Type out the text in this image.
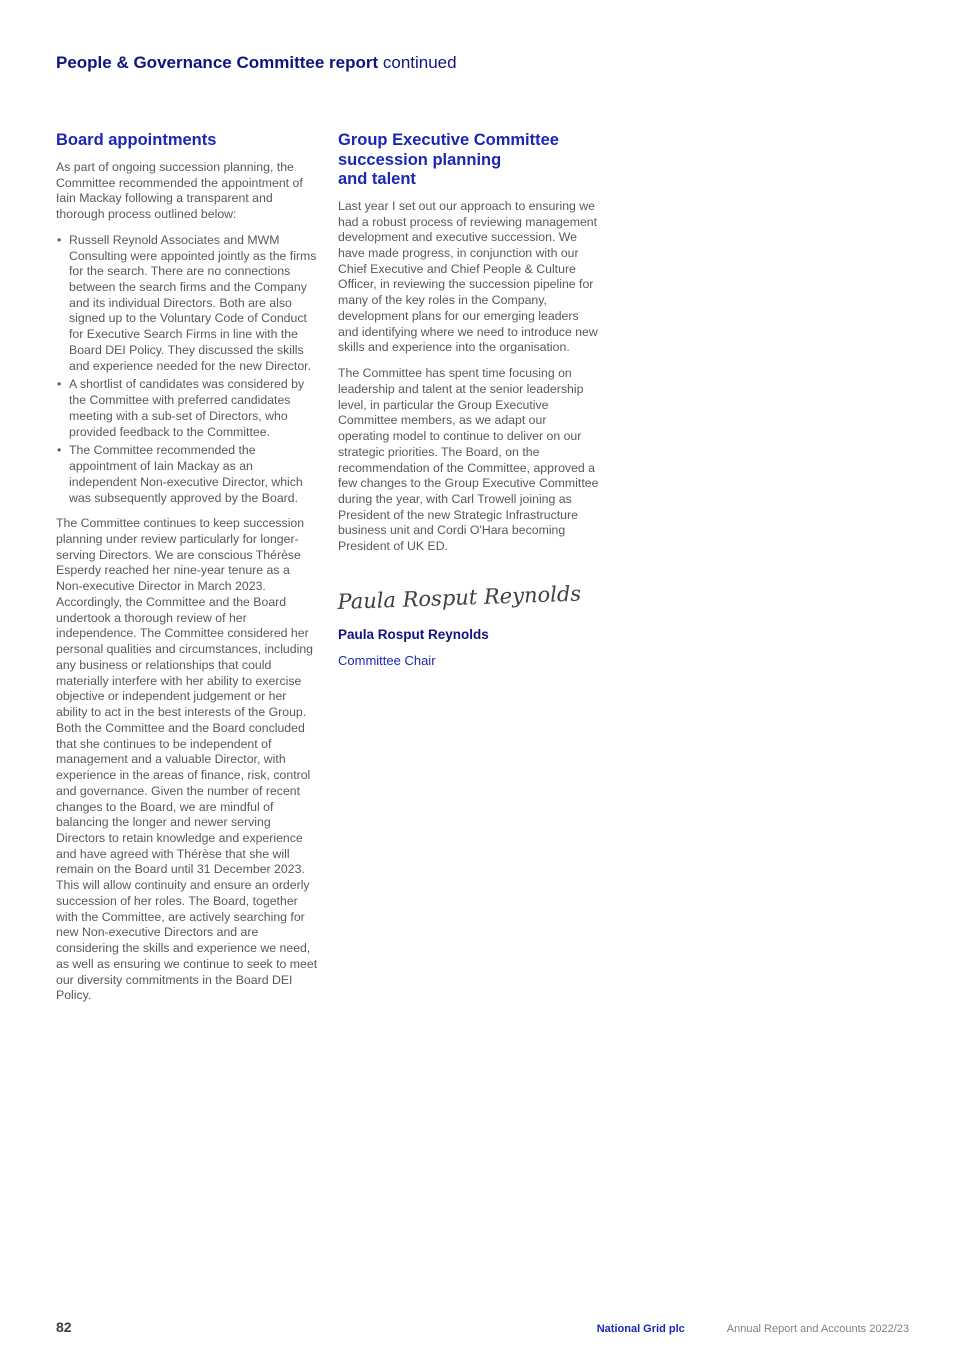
People & Governance Committee report continued
Board appointments

As part of ongoing succession planning, the Committee recommended the appointment of Iain Mackay following a transparent and thorough process outlined below:

• Russell Reynold Associates and MWM Consulting were appointed jointly as the firms for the search. There are no connections between the search firms and the Company and its individual Directors. Both are also signed up to the Voluntary Code of Conduct for Executive Search Firms in line with the Board DEI Policy. They discussed the skills and experience needed for the new Director.
• A shortlist of candidates was considered by the Committee with preferred candidates meeting with a sub-set of Directors, who provided feedback to the Committee.
• The Committee recommended the appointment of Iain Mackay as an independent Non-executive Director, which was subsequently approved by the Board.

The Committee continues to keep succession planning under review particularly for longer-serving Directors. We are conscious Thérèse Esperdy reached her nine-year tenure as a Non-executive Director in March 2023. Accordingly, the Committee and the Board undertook a thorough review of her independence. The Committee considered her personal qualities and circumstances, including any business or relationships that could materially interfere with her ability to exercise objective or independent judgement or her ability to act in the best interests of the Group. Both the Committee and the Board concluded that she continues to be independent of management and a valuable Director, with experience in the areas of finance, risk, control and governance. Given the number of recent changes to the Board, we are mindful of balancing the longer and newer serving Directors to retain knowledge and experience and have agreed with Thérèse that she will remain on the Board until 31 December 2023. This will allow continuity and ensure an orderly succession of her roles. The Board, together with the Committee, are actively searching for new Non-executive Directors and are considering the skills and experience we need, as well as ensuring we continue to seek to meet our diversity commitments in the Board DEI Policy.

Group Executive Committee
succession planning
and talent

Last year I set out our approach to ensuring we had a robust process of reviewing management development and executive succession. We have made progress, in conjunction with our Chief Executive and Chief People & Culture Officer, in reviewing the succession pipeline for many of the key roles in the Company, development plans for our emerging leaders and identifying where we need to introduce new skills and experience into the organisation.

The Committee has spent time focusing on leadership and talent at the senior leadership level, in particular the Group Executive Committee members, as we adapt our operating model to continue to deliver on our strategic priorities. The Board, on the recommendation of the Committee, approved a few changes to the Group Executive Committee during the year, with Carl Trowell joining as President of the new Strategic Infrastructure business unit and Cordi O'Hara becoming President of UK ED.

Paula Rosput Reynolds

Paula Rosput Reynolds

Committee Chair

82	National Grid plc	Annual Report and Accounts 2022/23
